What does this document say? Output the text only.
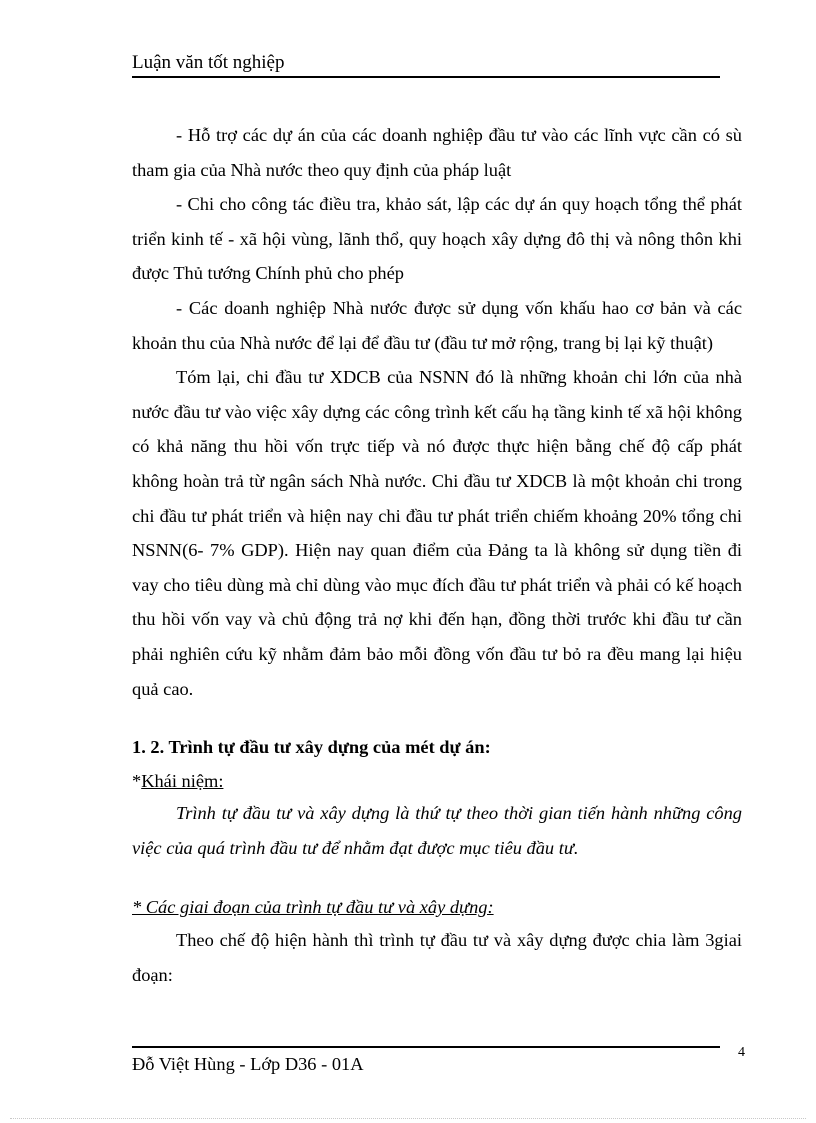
Luận văn tốt nghiệp

- Hỗ trợ các dự án của các doanh nghiệp đầu tư vào các lĩnh vực cần có sù tham gia của Nhà nước theo quy định của pháp luật

- Chi cho công tác điều tra, khảo sát, lập các dự án quy hoạch tổng thể phát triển kinh tế - xã hội vùng, lãnh thổ, quy hoạch xây dựng đô thị và nông thôn khi được Thủ tướng Chính phủ cho phép

- Các doanh nghiệp Nhà nước được sử dụng vốn khấu hao cơ bản và các khoản thu của Nhà nước để lại để đầu tư (đầu tư mở rộng, trang bị lại kỹ thuật)

Tóm lại, chi đầu tư XDCB của NSNN đó là những khoản chi lớn của nhà nước đầu tư vào việc xây dựng các công trình kết cấu hạ tầng kinh tế xã hội không có khả năng thu hồi vốn trực tiếp và nó được thực hiện bằng chế độ cấp phát không hoàn trả từ ngân sách Nhà nước. Chi đầu tư XDCB là một khoản chi trong chi đầu tư phát triển và hiện nay chi đầu tư phát triển chiếm khoảng 20% tổng chi NSNN(6- 7% GDP). Hiện nay quan điểm của Đảng ta là không sử dụng tiền đi vay cho tiêu dùng mà chỉ dùng vào mục đích đầu tư phát triển và phải có kế hoạch thu hồi vốn vay và chủ động trả nợ khi đến hạn, đồng thời trước khi đầu tư cần phải nghiên cứu kỹ nhằm đảm bảo mỗi đồng vốn đầu tư bỏ ra đều mang lại hiệu quả cao.

1. 2. Trình tự đầu tư xây dựng của mét dự án:
*Khái niệm:

Trình tự đầu tư và xây dựng là thứ tự theo thời gian tiến hành những công việc của quá trình đầu tư để nhằm đạt được mục tiêu đầu tư.

* Các giai đoạn của trình tự đầu tư và xây dựng:

Theo chế độ hiện hành thì trình tự đầu tư và xây dựng được chia làm 3giai đoạn:

Đỗ Việt Hùng - Lớp D36 - 01A
4
